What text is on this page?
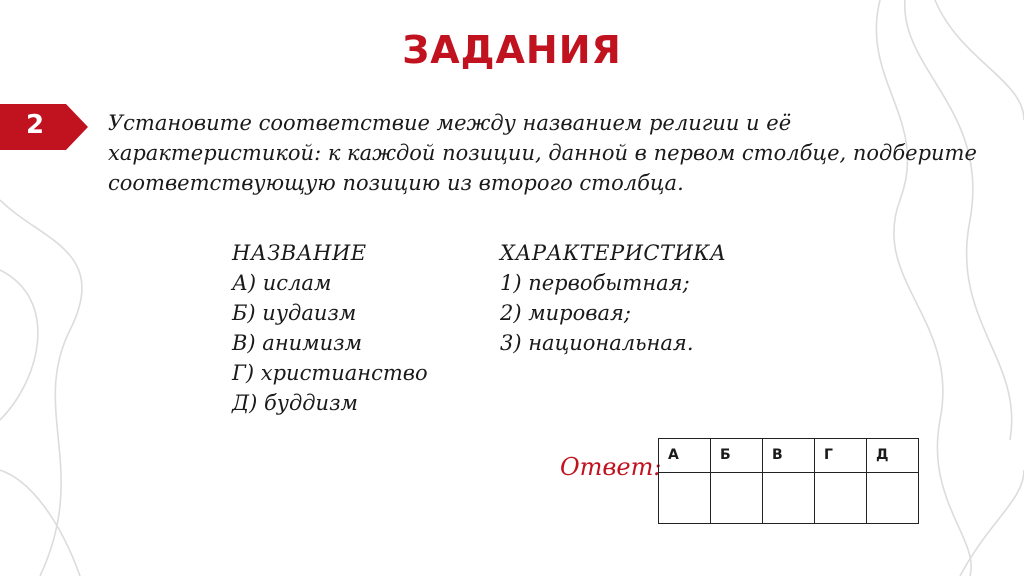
ЗАДАНИЯ
2	Установите соответствие между названием религии и её характеристикой: к каждой позиции, данной в первом столбце, подберите соответствующую позицию из второго столбца.
НАЗВАНИЕ
А) ислам
Б) иудаизм
В) анимизм
Г) христианство
Д) буддизм
ХАРАКТЕРИСТИКА
1) первобытная;
2) мировая;
3) национальная.
Ответ: А	Б	В	Г	Д
